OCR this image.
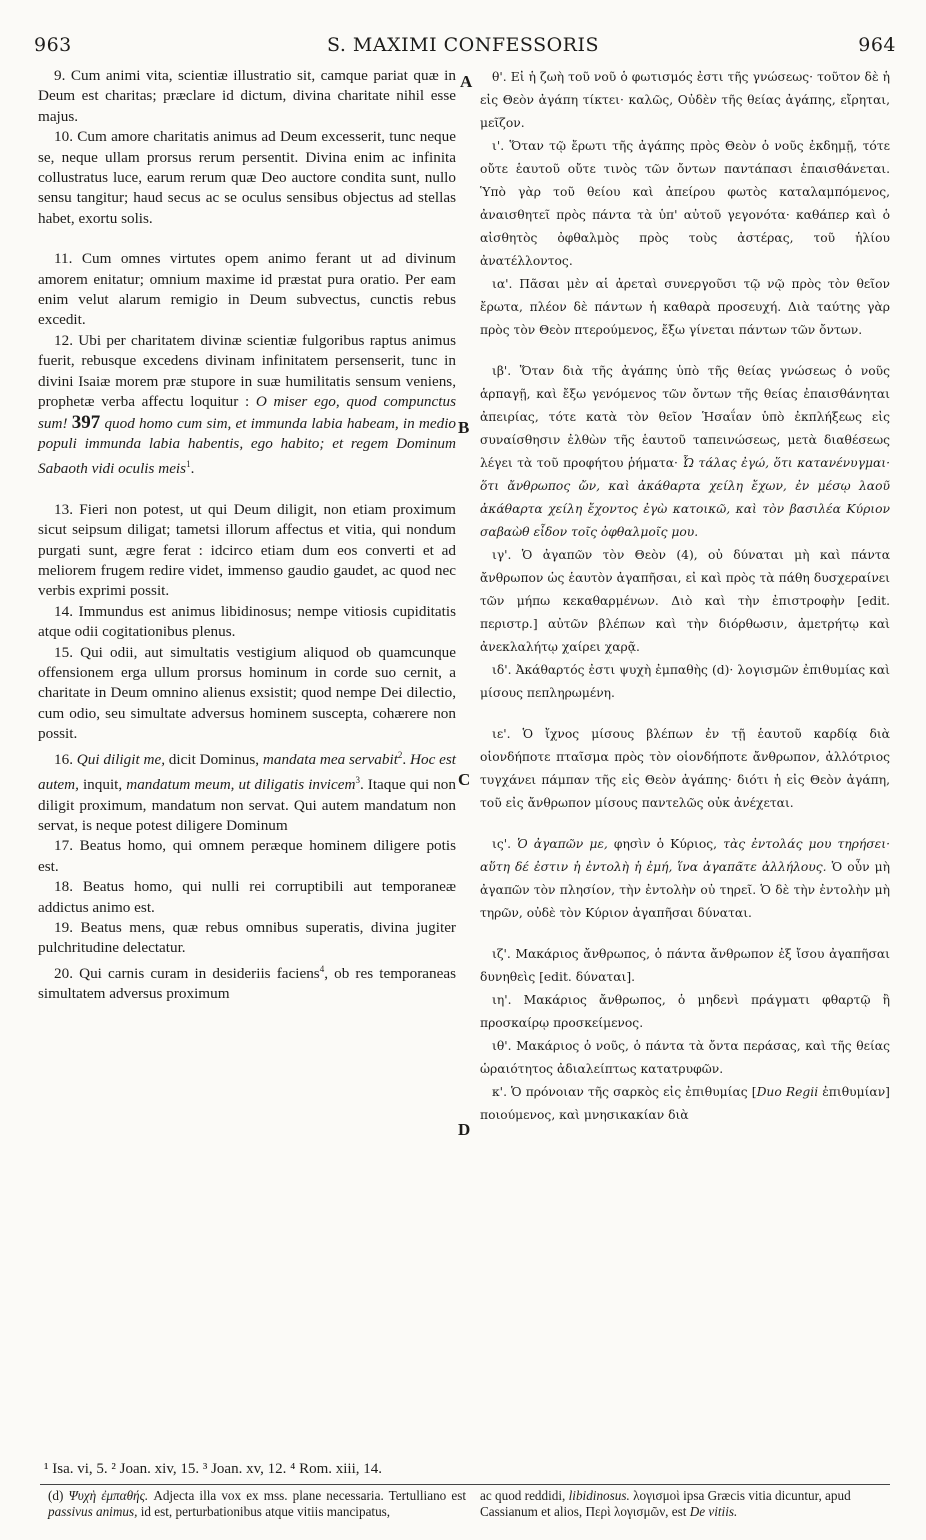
963	S. MAXIMI CONFESSORIS	964

9. Cum animi vita, scientiæ illustratio sit, camque pariat quæ in Deum est charitas; præclare id dictum, divina charitate nihil esse majus.

10. Cum amore charitatis animus ad Deum excesserit, tunc neque se, neque ullam prorsus rerum persentit. Divina enim ac infinita collustratus luce, earum rerum quæ Deo auctore condita sunt, nullo sensu tangitur; haud secus ac se oculus sensibus objectus ad stellas habet, exortu solis.

11. Cum omnes virtutes opem animo ferant ut ad divinum amorem enitatur; omnium maxime id præstat pura oratio. Per eam enim velut alarum remigio in Deum subvectus, cunctis rebus excedit.

12. Ubi per charitatem divinæ scientiæ fulgoribus raptus animus fuerit, rebusque excedens divinam infinitatem persenserit, tunc in divini Isaiæ morem præ stupore in suæ humilitatis sensum veniens, prophetæ verba affectu loquitur : O miser ego, quod compunctus sum! 397 quod homo cum sim, et immunda labia habeam, in medio populi immunda labia habentis, ego habito; et regem Dominum Sabaoth vidi oculis meis$^1$.

13. Fieri non potest, ut qui Deum diligit, non etiam proximum sicut seipsum diligat; tametsi illorum affectus et vitia, qui nondum purgati sunt, ægre ferat : idcirco etiam dum eos converti et ad meliorem frugem redire videt, immenso gaudio gaudet, ac quod nec verbis exprimi possit.

14. Immundus est animus libidinosus; nempe vitiosis cupiditatis atque odii cogitationibus plenus.

15. Qui odii, aut simultatis vestigium aliquod ob quamcunque offensionem erga ullum prorsus hominum in corde suo cernit, a charitate in Deum omnino alienus exsistit; quod nempe Dei dilectio, cum odio, seu simultate adversus hominem suscepta, cohærere non possit.

16. Qui diligit me, dicit Dominus, mandata mea servabit$^2$. Hoc est autem, inquit, mandatum meum, ut diligatis invicem$^3$. Itaque qui non diligit proximum, mandatum non servat. Qui autem mandatum non servat, is neque potest diligere Dominum

17. Beatus homo, qui omnem peræque hominem diligere potis est.

18. Beatus homo, qui nulli rei corruptibili aut temporaneæ addictus animo est.

19. Beatus mens, quæ rebus omnibus superatis, divina jugiter pulchritudine delectatur.

20. Qui carnis curam in desideriis faciens$^4$, ob res temporaneas simultatem adversus proximum

A
B
C
D

θ'. Εἰ ἡ ζωὴ τοῦ νοῦ ὁ φωτισμός ἐστι τῆς γνώσεως· τοῦτον δὲ ἡ εἰς Θεὸν ἀγάπη τίκτει· καλῶς, Οὐδὲν τῆς θείας ἀγάπης, εἴρηται, μεῖζον.

ι'. Ὅταν τῷ ἔρωτι τῆς ἀγάπης πρὸς Θεὸν ὁ νοῦς ἐκδημῇ, τότε οὔτε ἑαυτοῦ οὔτε τινὸς τῶν ὄντων παντάπασι ἐπαισθάνεται. Ὑπὸ γὰρ τοῦ θείου καὶ ἀπείρου φωτὸς καταλαμπόμενος, ἀναισθητεῖ πρὸς πάντα τὰ ὑπ' αὐτοῦ γεγονότα· καθάπερ καὶ ὁ αἰσθητὸς ὀφθαλμὸς πρὸς τοὺς ἀστέρας, τοῦ ἡλίου ἀνατέλλοντος.

ια'. Πᾶσαι μὲν αἱ ἀρεταὶ συνεργοῦσι τῷ νῷ πρὸς τὸν θεῖον ἔρωτα, πλέον δὲ πάντων ἡ καθαρὰ προσευχή. Διὰ ταύτης γὰρ πρὸς τὸν Θεὸν πτερούμενος, ἔξω γίνεται πάντων τῶν ὄντων.

ιβ'. Ὅταν διὰ τῆς ἀγάπης ὑπὸ τῆς θείας γνώσεως ὁ νοῦς ἁρπαγῇ, καὶ ἔξω γενόμενος τῶν ὄντων τῆς θείας ἐπαισθάνηται ἀπειρίας, τότε κατὰ τὸν θεῖον Ἡσαΐαν ὑπὸ ἐκπλήξεως εἰς συναίσθησιν ἐλθὼν τῆς ἑαυτοῦ ταπεινώσεως, μετὰ διαθέσεως λέγει τὰ τοῦ προφήτου ῥήματα· Ὦ τάλας ἐγώ, ὅτι κατανένυγμαι· ὅτι ἄνθρωπος ὤν, καὶ ἀκάθαρτα χείλη ἔχων, ἐν μέσῳ λαοῦ ἀκάθαρτα χείλη ἔχοντος ἐγὼ κατοικῶ, καὶ τὸν βασιλέα Κύριον σαβαὼθ εἶδον τοῖς ὀφθαλμοῖς μου.

ιγ'. Ὁ ἀγαπῶν τὸν Θεὸν (4), οὐ δύναται μὴ καὶ πάντα ἄνθρωπον ὡς ἑαυτὸν ἀγαπῆσαι, εἰ καὶ πρὸς τὰ πάθη δυσχεραίνει τῶν μήπω κεκαθαρμένων. Διὸ καὶ τὴν ἐπιστροφὴν [edit. περιστρ.] αὐτῶν βλέπων καὶ τὴν διόρθωσιν, ἀμετρήτῳ καὶ ἀνεκλαλήτῳ χαίρει χαρᾷ.

ιδ'. Ἀκάθαρτός ἐστι ψυχὴ ἐμπαθὴς (d)· λογισμῶν ἐπιθυμίας καὶ μίσους πεπληρωμένη.

ιε'. Ὁ ἴχνος μίσους βλέπων ἐν τῇ ἑαυτοῦ καρδίᾳ διὰ οἱονδήποτε πταῖσμα πρὸς τὸν οἱονδήποτε ἄνθρωπον, ἀλλότριος τυγχάνει πάμπαν τῆς εἰς Θεὸν ἀγάπης· διότι ἡ εἰς Θεὸν ἀγάπη, τοῦ εἰς ἄνθρωπον μίσους παντελῶς οὐκ ἀνέχεται.

ις'. Ὁ ἀγαπῶν με, φησὶν ὁ Κύριος, τὰς ἐντολάς μου τηρήσει· αὕτη δέ ἐστιν ἡ ἐντολὴ ἡ ἐμή, ἵνα ἀγαπᾶτε ἀλλήλους. Ὁ οὖν μὴ ἀγαπῶν τὸν πλησίον, τὴν ἐντολὴν οὐ τηρεῖ. Ὁ δὲ τὴν ἐντολὴν μὴ τηρῶν, οὐδὲ τὸν Κύριον ἀγαπῆσαι δύναται.

ιζ'. Μακάριος ἄνθρωπος, ὁ πάντα ἄνθρωπον ἐξ ἴσου ἀγαπῆσαι δυνηθεὶς [edit. δύναται].

ιη'. Μακάριος ἄνθρωπος, ὁ μηδενὶ πράγματι φθαρτῷ ἢ προσκαίρῳ προσκείμενος.

ιθ'. Μακάριος ὁ νοῦς, ὁ πάντα τὰ ὄντα περάσας, καὶ τῆς θείας ὡραιότητος ἀδιαλείπτως κατατρυφῶν.

κ'. Ὁ πρόνοιαν τῆς σαρκὸς εἰς ἐπιθυμίας [Duo Regii ἐπιθυμίαν] ποιούμενος, καὶ μνησικακίαν διὰ

¹ Isa. vi, 5. ² Joan. xiv, 15. ³ Joan. xv, 12. ⁴ Rom. xiii, 14.
(d) Ψυχὴ ἐμπαθής. Adjecta illa vox ex mss. plane necessaria. Tertulliano est passivus animus, id est, perturbationibus atque vitiis mancipatus,
ac quod reddidi, libidinosus. λογισμοὶ ipsa Græcis vitia dicuntur, apud Cassianum et alios, Περὶ λογισμῶν, est De vitiis.
